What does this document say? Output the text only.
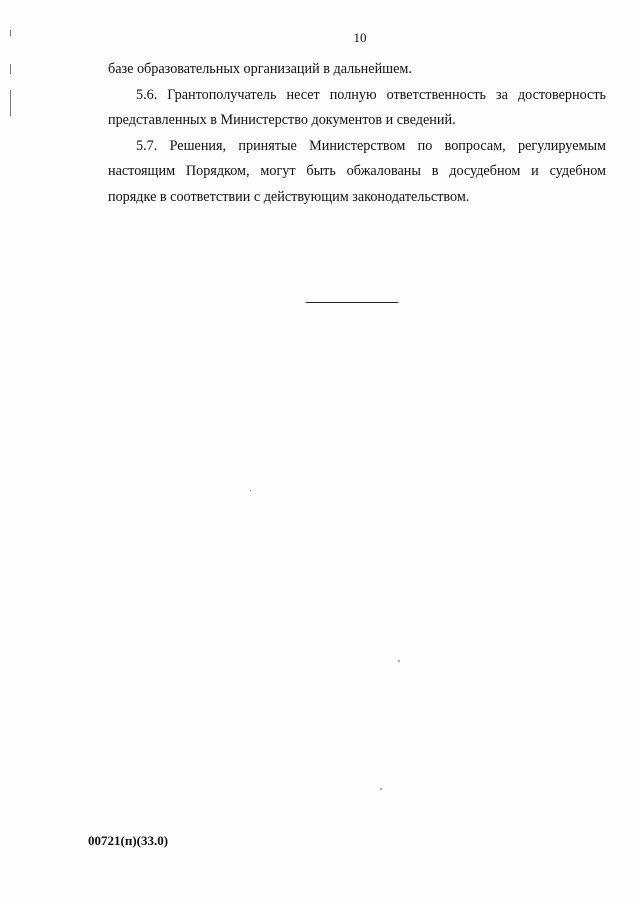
10
базе образовательных организаций в дальнейшем.
5.6. Грантополучатель несет полную ответственность за достоверность
представленных в Министерство документов и сведений.
5.7. Решения, принятые Министерством по вопросам, регулируемым
настоящим Порядком, могут быть обжалованы в досудебном и судебном
порядке в соответствии с действующим законодательством.
00721(п)(33.0)
